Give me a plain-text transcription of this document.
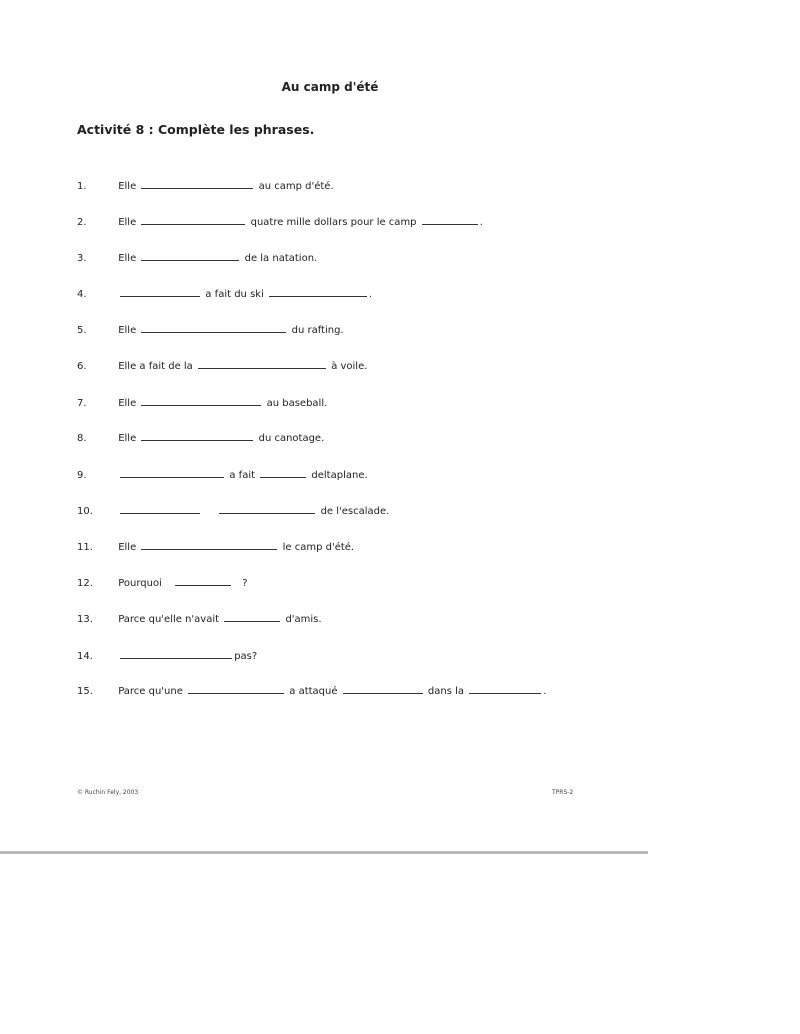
Au camp d'été
Activité 8 : Complète les phrases.
1.	Elle	au camp d'été.
2.	Elle	quatre mille dollars pour le camp	.
3.	Elle	de la natation.
4.	a fait du ski	.
5.	Elle	du rafting.
6.	Elle a fait de la	à voile.
7.	Elle	au baseball.
8.	Elle	du canotage.
9.	a fait	deltaplane.
10.	de l'escalade.
11.	Elle	le camp d'été.
12.	Pourquoi	?
13.	Parce qu'elle n'avait	d'amis.
14.	pas?
15.	Parce qu'une	a attaqué	dans la	.
© Ruchin Fely, 2003	TPRS-2
